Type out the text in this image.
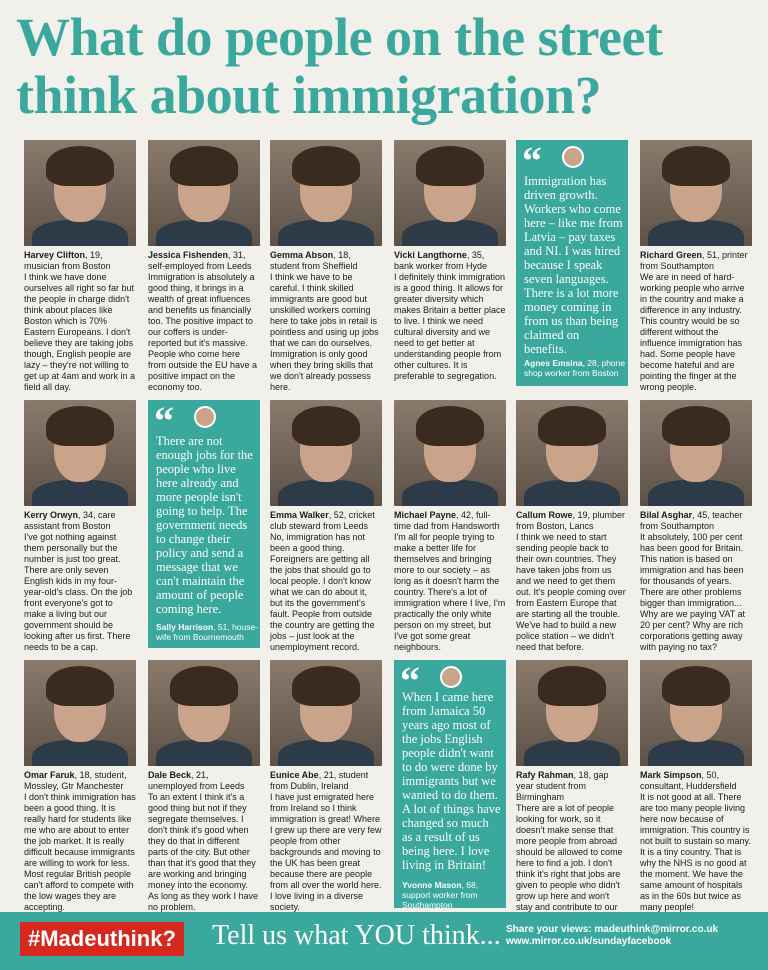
What do people on the street think about immigration?
Harvey Clifton, 19, musician from Boston
I think we have done ourselves all right so far but the people in charge didn't think about places like Boston which is 70% Eastern Europeans. I don't believe they are taking jobs though, English people are lazy – they're not willing to get up at 4am and work in a field all day.
Jessica Fishenden, 31, self-employed from Leeds
Immigration is absolutely a good thing, it brings in a wealth of great influences and benefits us financially too. The positive impact to our coffers is under-reported but it's massive. People who come here from outside the EU have a positive impact on the economy too.
Gemma Abson, 18, student from Sheffield
I think we have to be careful. I think skilled immigrants are good but unskilled workers coming here to take jobs in retail is pointless and using up jobs that we can do ourselves. Immigration is only good when they bring skills that we don't already possess here.
Vicki Langthorne, 35, bank worker from Hyde
I definitely think immigration is a good thing. It allows for greater diversity which makes Britain a better place to live. I think we need cultural diversity and we need to get better at understanding people from other cultures. It is preferable to segregation.
“
Immigration has driven growth. Workers who come here – like me from Latvia – pay taxes and NI. I was hired because I speak seven languages. There is a lot more money coming in from us than being claimed on benefits.
Agnes Emsina, 28, phone shop worker from Boston
Richard Green, 51, printer from Southampton
We are in need of hard-working people who arrive in the country and make a difference in any industry. This country would be so different without the influence immigration has had. Some people have become hateful and are pointing the finger at the wrong people.
Kerry Orwyn, 34, care assistant from Boston
I've got nothing against them personally but the number is just too great. There are only seven English kids in my four-year-old's class. On the job front everyone's got to make a living but our government should be looking after us first. There needs to be a cap.
“
There are not enough jobs for the people who live here already and more people isn't going to help. The government needs to change their policy and send a message that we can't maintain the amount of people coming here.
Sally Harrison, 51, house-wife from Bournemouth
Emma Walker, 52, cricket club steward from Leeds
No, immigration has not been a good thing. Foreigners are getting all the jobs that should go to local people. I don't know what we can do about it, but its the government's fault. People from outside the country are getting the jobs – just look at the unemployment record.
Michael Payne, 42, full-time dad from Handsworth
I'm all for people trying to make a better life for themselves and bringing more to our society – as long as it doesn't harm the country. There's a lot of immigration where I live, I'm practically the only white person on my street, but I've got some great neighbours.
Callum Rowe, 19, plumber from Boston, Lancs
I think we need to start sending people back to their own countries. They have taken jobs from us and we need to get them out. It's people coming over from Eastern Europe that are starting all the trouble. We've had to build a new police station – we didn't need that before.
Bilal Asghar, 45, teacher from Southampton
It absolutely, 100 per cent has been good for Britain. This nation is based on immigration and has been for thousands of years. There are other problems bigger than immigration... Why are we paying VAT at 20 per cent? Why are rich corporations getting away with paying no tax?
Omar Faruk, 18, student, Mossley, Gtr Manchester
I don't think immigration has been a good thing. It is really hard for students like me who are about to enter the job market. It is really difficult because immigrants are willing to work for less. Most regular British people can't afford to compete with the low wages they are accepting.
Dale Beck, 21, unemployed from Leeds
To an extent I think it's a good thing but not if they segregate themselves. I don't think it's good when they do that in different parts of the city. But other than that it's good that they are working and bringing money into the economy. As long as they work I have no problem.
Eunice Abe, 21, student from Dublin, Ireland
I have just emigrated here from Ireland so I think immigration is great! Where I grew up there are very few people from other backgrounds and moving to the UK has been great because there are people from all over the world here. I love living in a diverse society.
“
When I came here from Jamaica 50 years ago most of the jobs English people didn't want to do were done by immigrants but we wanted to do them. A lot of things have changed so much as a result of us being here. I love living in Britain!
Yvonne Mason, 68, support worker from Southampton
Rafy Rahman, 18, gap year student from Birmingham
There are a lot of people looking for work, so it doesn't make sense that more people from abroad should be allowed to come here to find a job. I don't think it's right that jobs are given to people who didn't grow up here and won't stay and contribute to our
Mark Simpson, 50, consultant, Huddersfield
It is not good at all. There are too many people living here now because of immigration. This country is not built to sustain so many. It is a tiny country. That is why the NHS is no good at the moment. We have the same amount of hospitals as in the 60s but twice as many people!
#Madeuthink? Tell us what YOU think... Share your views: madeuthink@mirror.co.uk
www.mirror.co.uk/sundayfacebook
